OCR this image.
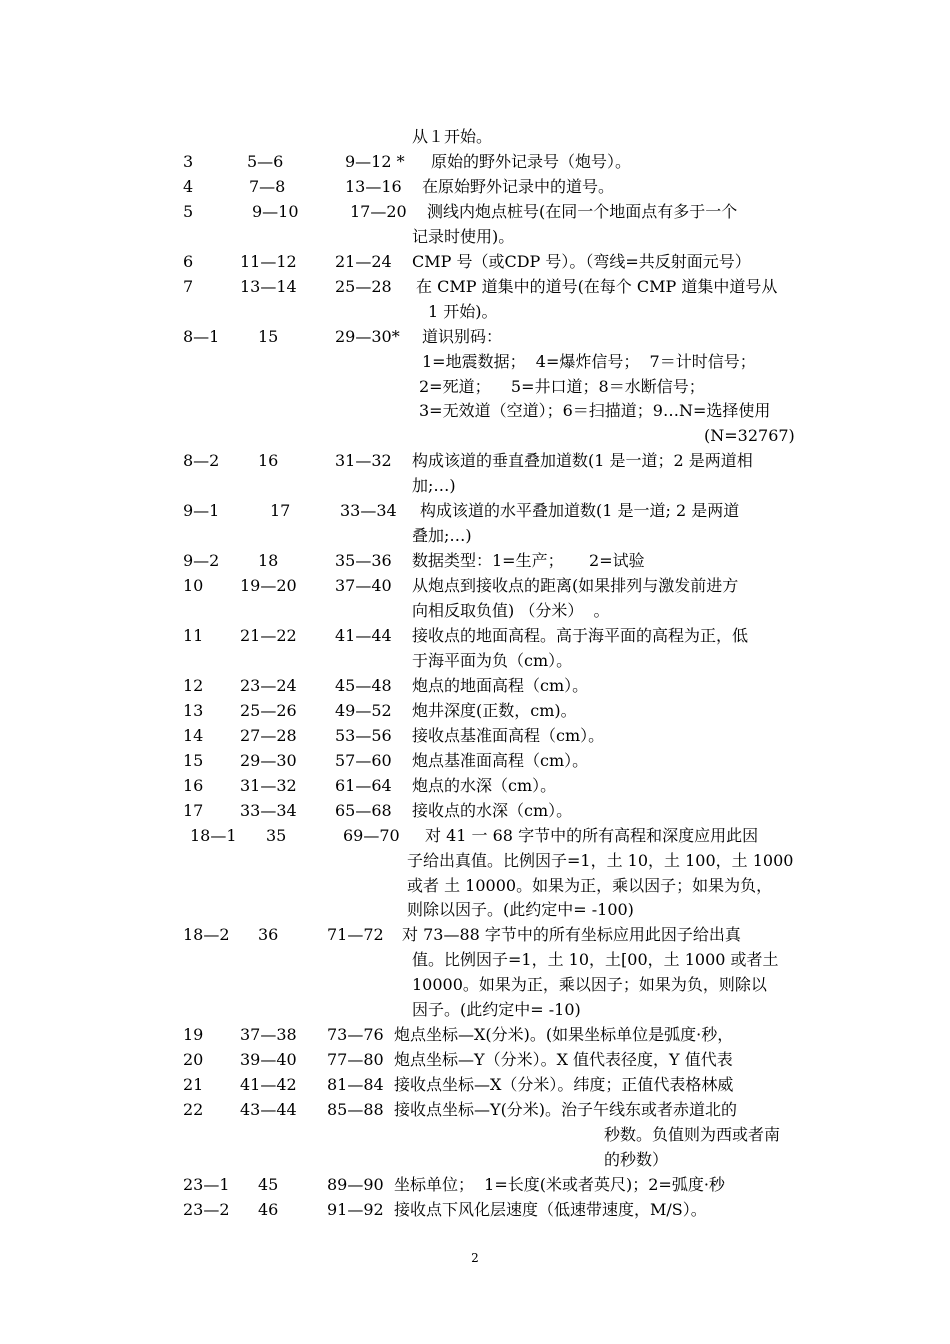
从１开始。
3	5—6	9—12 * 原始的野外记录号（炮号）。
4	7—8	13—16 在原始野外记录中的道号。
5	9—10	17—20 测线内炮点桩号(在同一个地面点有多于一个
记录时使用)。
6	11—12 21—24 CMP 号（或CDP 号）。（弯线=共反射面元号）
7	13—14 25—28 在 CMP 道集中的道号(在每个 CMP 道集中道号从
1 开始)。
8—1 15	29—30* 道识别码：
1=地震数据；  4=爆炸信号；  7＝计时信号；
2=死道；    5=井口道；8＝水断信号；
3=无效道（空道）；6＝扫描道；9…N=选择使用
(N=32767)
8—2 16	31—32 构成该道的垂直叠加道数(1 是一道；2 是两道相
加;…)
9—1	17	33—34 构成该道的水平叠加道数(1 是一道; 2 是两道
叠加;…)
9—2 18	35—36 数据类型：1=生产；     2=试验
10 19—20 37—40 从炮点到接收点的距离(如果排列与激发前进方
向相反取负值) （分米）  。
11 21—22 41—44 接收点的地面高程。高于海平面的高程为正，低
于海平面为负（cm）。
12 23—24 45—48 炮点的地面高程（cm）。
13 25—26 49—52 炮井深度(正数，cm)。
14 27—28 53—56 接收点基准面高程（cm）。
15 29—30 57—60 炮点基准面高程（cm）。
16 31—32 61—64 炮点的水深（cm）。
17 33—34 65—68 接收点的水深（cm）。
18—1 35	69—70 对 41 一 68 字节中的所有高程和深度应用此因
子给出真值。比例因子=1，土 10，土 100，土 1000
或者 土 10000。如果为正，乘以因子；如果为负，
则除以因子。(此约定中= -100)
18—2 36	71—72 对 73—88 字节中的所有坐标应用此因子给出真
值。比例因子=1，土 10，土[00，土 1000 或者土
10000。如果为正，乘以因子；如果为负，则除以
因子。(此约定中= -10)
19 37—38 73—76 炮点坐标—X(分米)。(如果坐标单位是弧度·秒，
20 39—40 77—80 炮点坐标—Y（分米）。X 值代表径度，Y 值代表
21 41—42 81—84 接收点坐标—X（分米）。纬度；正值代表格林威
22 43—44 85—88 接收点坐标—Y(分米)。治子午线东或者赤道北的
秒数。负值则为西或者南
的秒数）
23—1 45	89—90 坐标单位；  1=长度(米或者英尺)；2=弧度·秒
23—2 46	91—92 接收点下风化层速度（低速带速度，M/S）。
2
